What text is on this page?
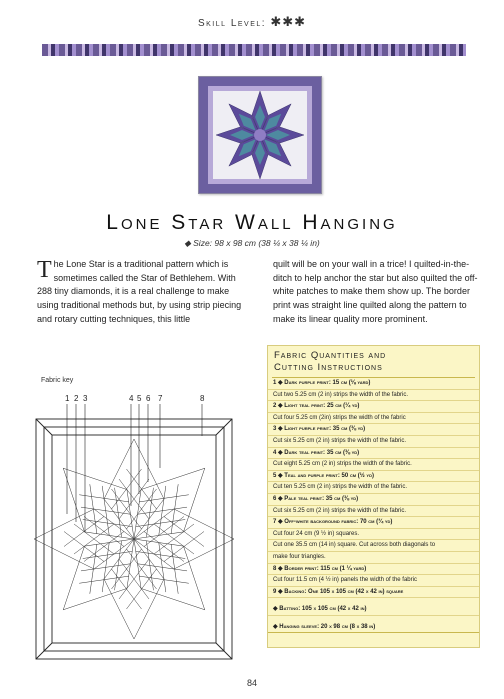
Skill Level: ✱✱✱
Lone Star Wall Hanging
◆ Size: 98 x 98 cm (38 ¼ x 38 ¼ in)
The Lone Star is a traditional pattern which is sometimes called the Star of Bethlehem. With 288 tiny diamonds, it is a real challenge to make using traditional methods but, by using strip piecing and rotary cutting techniques, this little
quilt will be on your wall in a trice! I quilted-in-the-ditch to help anchor the star but also quilted the off-white patches to make them show up. The border print was straight line quilted along the pattern to make its linear quality more prominent.
Fabric key
1 2 3	4 5 6 7	8
Fabric Quantities and
Cutting Instructions
1 ◆ Dark purple print: 15 cm (⅛ yard)
Cut two 5.25 cm (2 in) strips the width of the fabric.
2 ◆ Light teal print: 25 cm (¼ yd)
Cut four 5.25 cm (2in) strips the width of the fabric
3 ◆ Light purple print: 35 cm (⅜ yd)
Cut six 5.25 cm (2 in) strips the width of the fabric.
4 ◆ Dark teal print: 35 cm (⅜ yd)
Cut eight 5.25 cm (2 in) strips the width of the fabric.
5 ◆ Teal and purple print: 50 cm (½ yd)
Cut ten 5.25 cm (2 in) strips the width of the fabric.
6 ◆ Pale teal print: 35 cm (⅜ yd)
Cut six 5.25 cm (2 in) strips the width of the fabric.
7 ◆ Off-white background fabric: 70 cm (¾ yd)
Cut four 24 cm (9 ½ in) squares.
Cut one 35.5 cm (14 in) square. Cut across both diagonals to
make four triangles.
8 ◆ Border print: 115 cm (1 ¼ yard)
Cut four 11.5 cm (4 ½ in) panels the width of the fabric
9 ◆ Backing: One 105 x 105 cm (42 x 42 in) square
◆ Batting: 105 x 105 cm (42 x 42 in)
◆ Hanging sleeve: 20 x 98 cm (8 x 38 in)
84
